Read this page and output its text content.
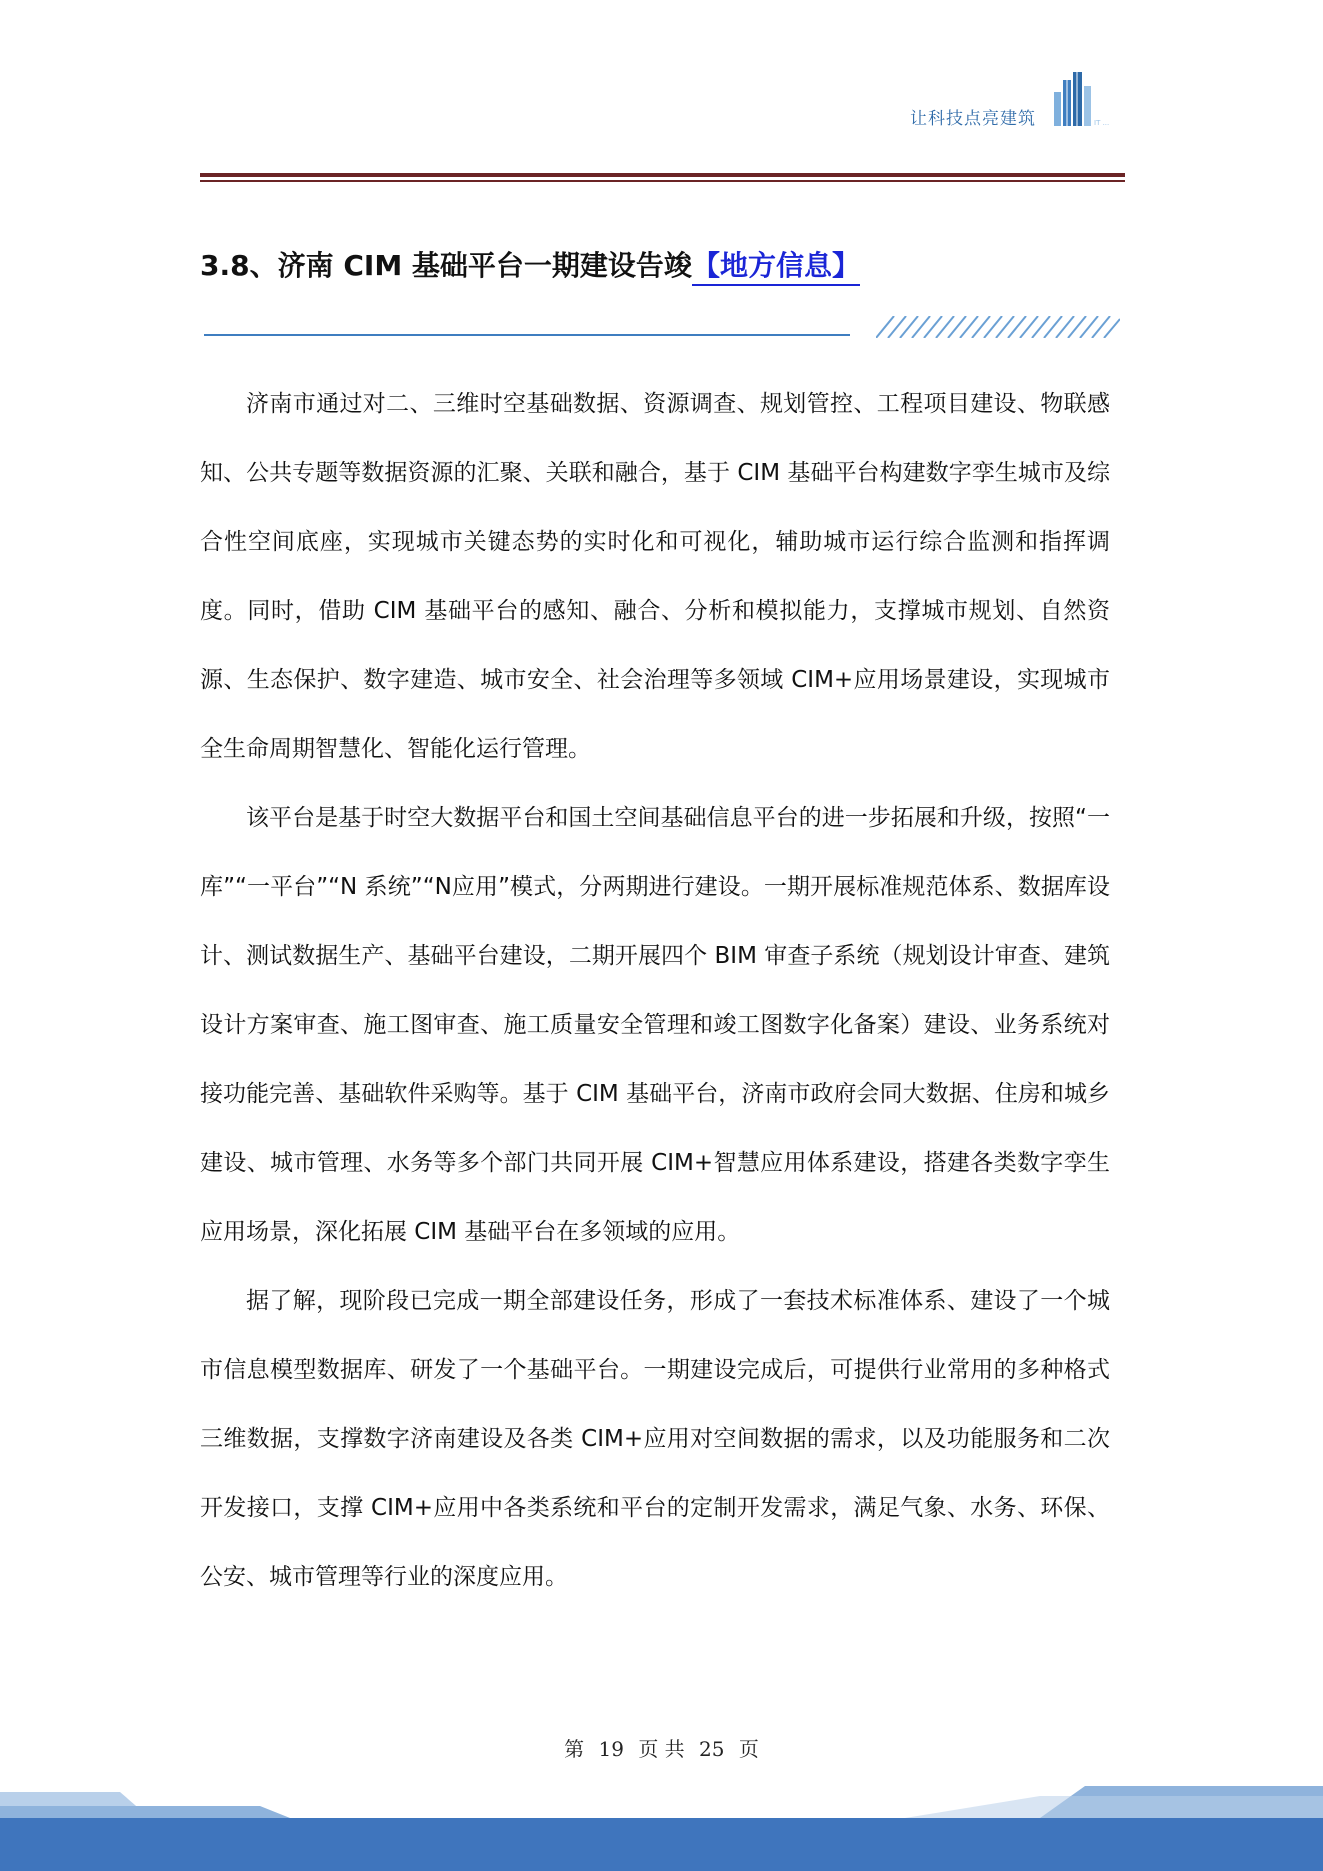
让科技点亮建筑	IT ...
3.8、济南 CIM 基础平台一期建设告竣【地方信息】

济南市通过对二、三维时空基础数据、资源调查、规划管控、工程项目建设、物联感知、公共专题等数据资源的汇聚、关联和融合，基于 CIM 基础平台构建数字孪生城市及综合性空间底座，实现城市关键态势的实时化和可视化，辅助城市运行综合监测和指挥调度。同时，借助 CIM 基础平台的感知、融合、分析和模拟能力，支撑城市规划、自然资源、生态保护、数字建造、城市安全、社会治理等多领域 CIM+应用场景建设，实现城市全生命周期智慧化、智能化运行管理。

该平台是基于时空大数据平台和国土空间基础信息平台的进一步拓展和升级，按照“一库”“一平台”“N 系统”“N应用”模式，分两期进行建设。一期开展标准规范体系、数据库设计、测试数据生产、基础平台建设，二期开展四个 BIM 审查子系统（规划设计审查、建筑设计方案审查、施工图审查、施工质量安全管理和竣工图数字化备案）建设、业务系统对接功能完善、基础软件采购等。基于 CIM 基础平台，济南市政府会同大数据、住房和城乡建设、城市管理、水务等多个部门共同开展 CIM+智慧应用体系建设，搭建各类数字孪生应用场景，深化拓展 CIM 基础平台在多领域的应用。

据了解，现阶段已完成一期全部建设任务，形成了一套技术标准体系、建设了一个城市信息模型数据库、研发了一个基础平台。一期建设完成后，可提供行业常用的多种格式三维数据，支撑数字济南建设及各类 CIM+应用对空间数据的需求，以及功能服务和二次开发接口，支撑 CIM+应用中各类系统和平台的定制开发需求，满足气象、水务、环保、公安、城市管理等行业的深度应用。

第 19 页 共 25 页
